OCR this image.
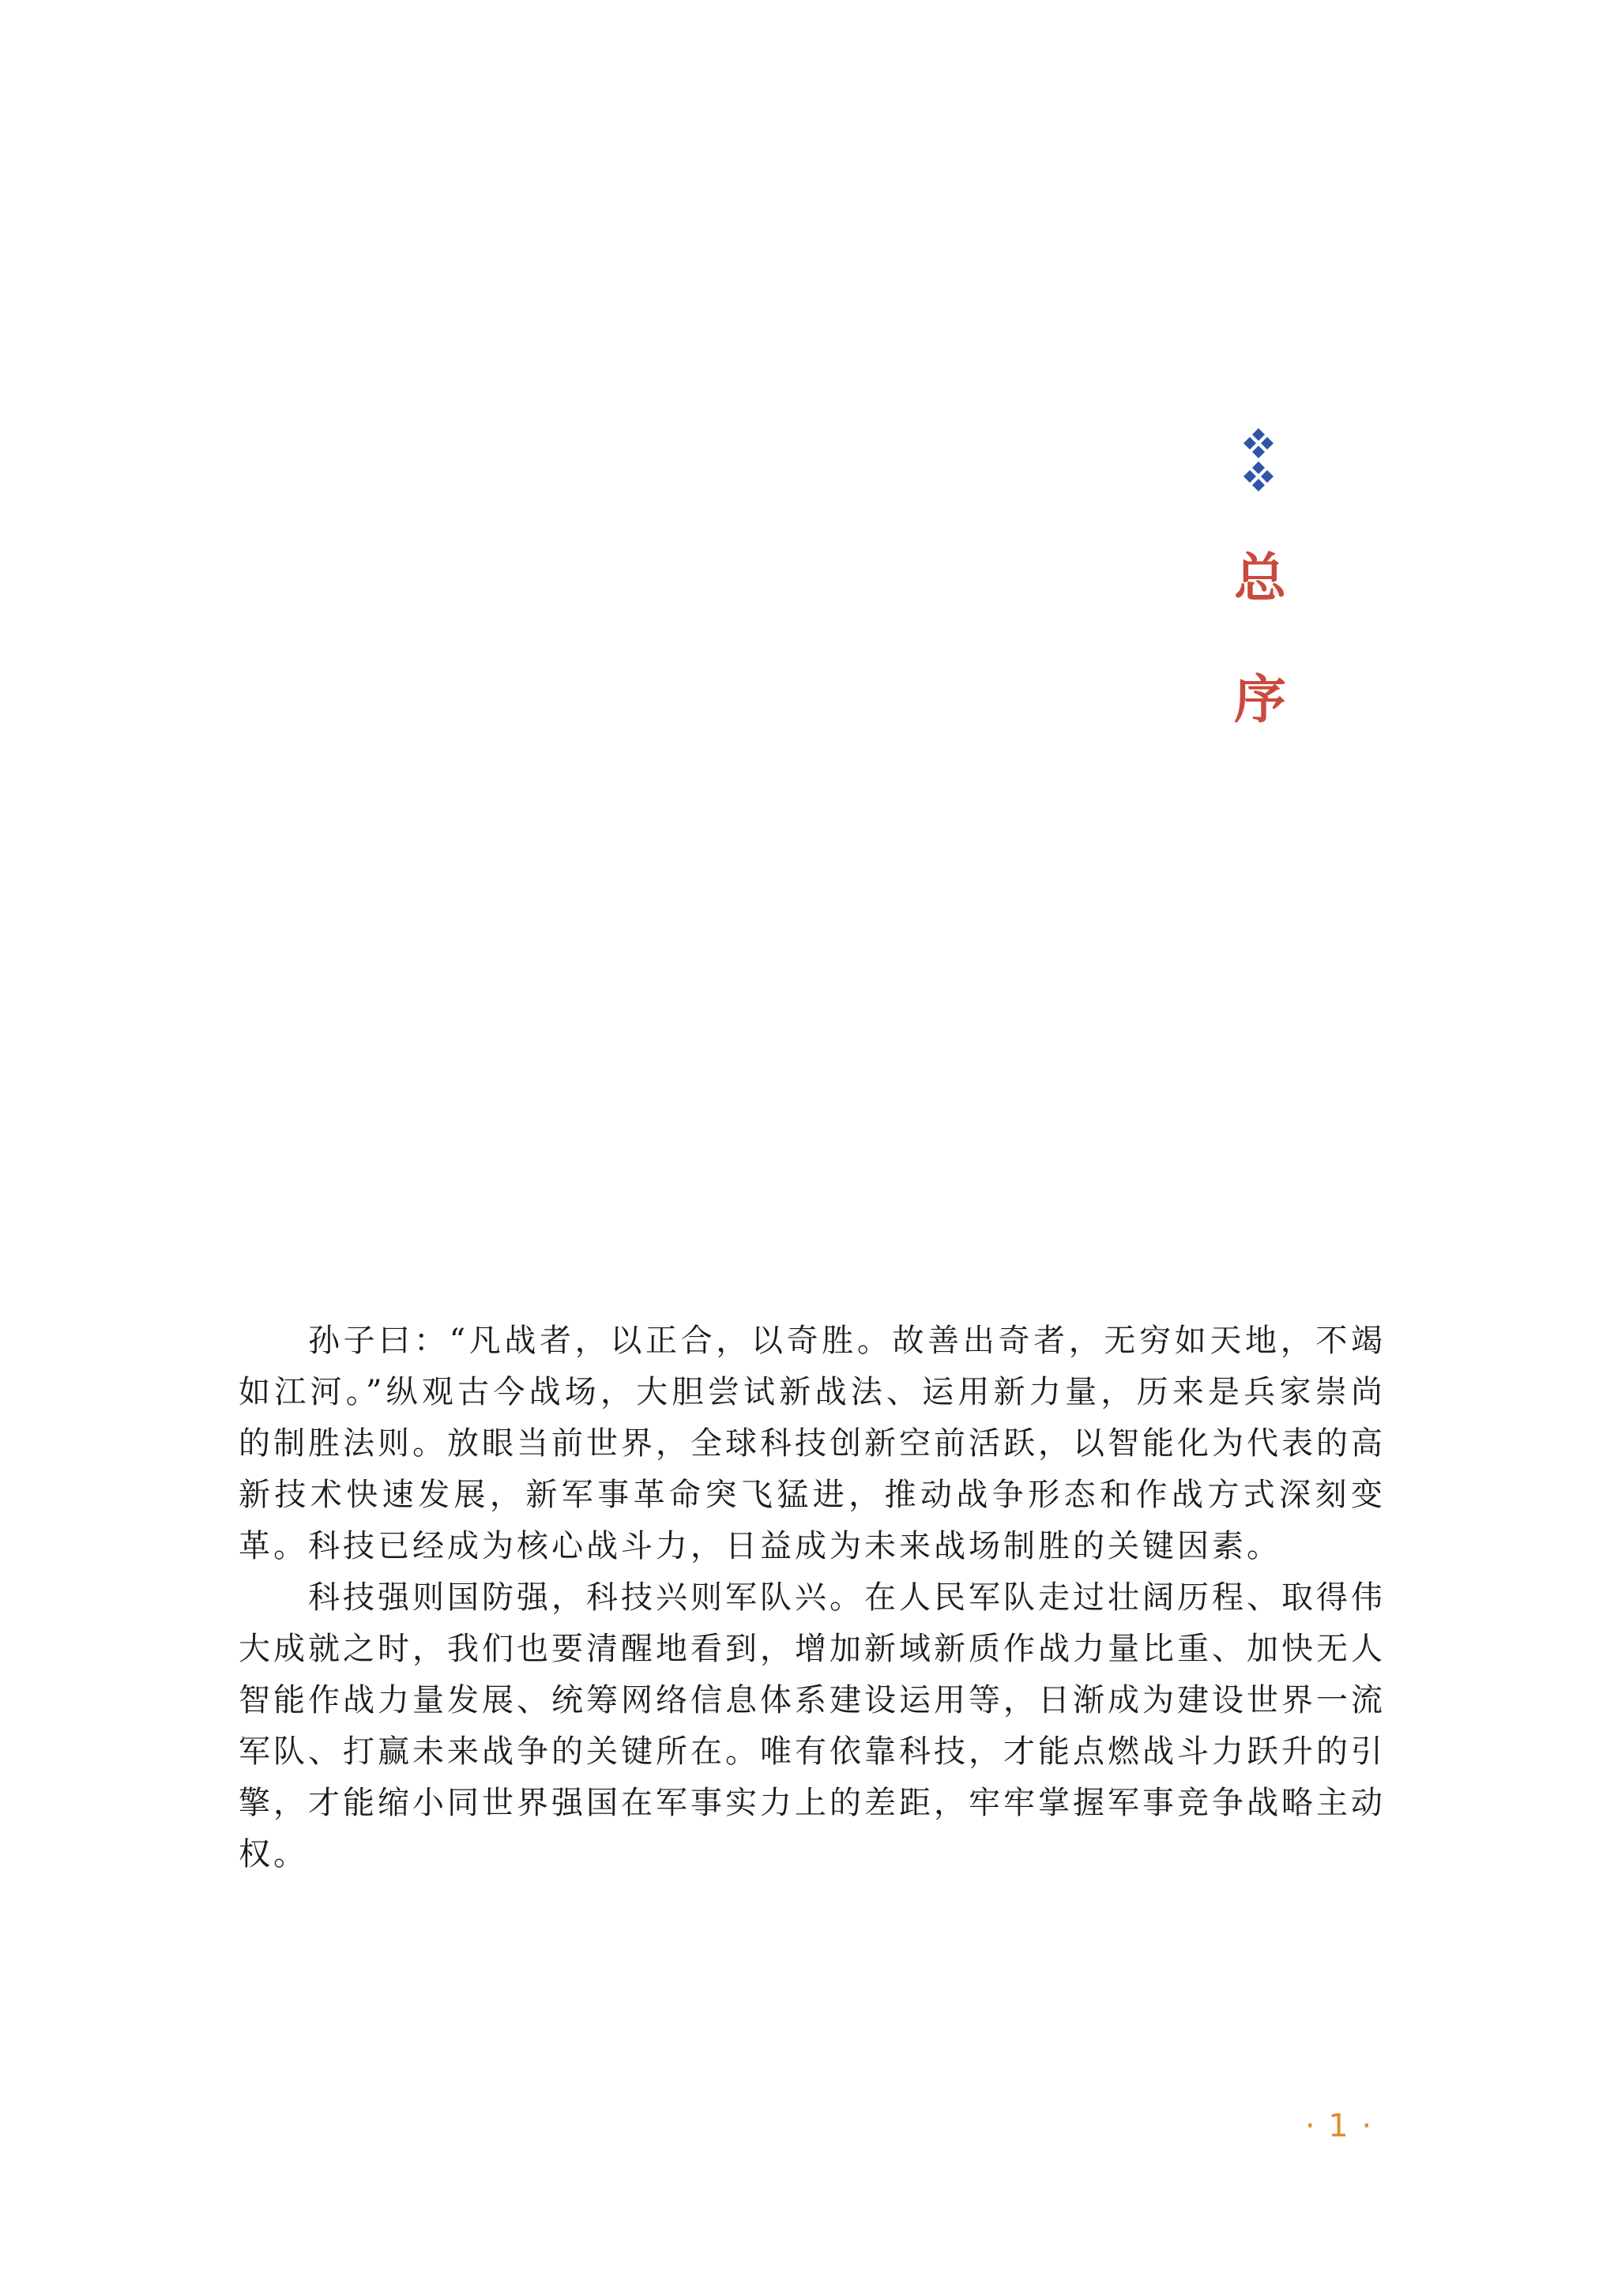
总
序

孙子曰：“凡战者，以正合，以奇胜。故善出奇者，无穷如天地，不竭如江河。”纵观古今战场，大胆尝试新战法、运用新力量，历来是兵家崇尚的制胜法则。放眼当前世界，全球科技创新空前活跃，以智能化为代表的高新技术快速发展，新军事革命突飞猛进，推动战争形态和作战方式深刻变革。科技已经成为核心战斗力，日益成为未来战场制胜的关键因素。

科技强则国防强，科技兴则军队兴。在人民军队走过壮阔历程、取得伟大成就之时，我们也要清醒地看到，增加新域新质作战力量比重、加快无人智能作战力量发展、统筹网络信息体系建设运用等，日渐成为建设世界一流军队、打赢未来战争的关键所在。唯有依靠科技，才能点燃战斗力跃升的引擎，才能缩小同世界强国在军事实力上的差距，牢牢掌握军事竞争战略主动权。

· 1 ·
